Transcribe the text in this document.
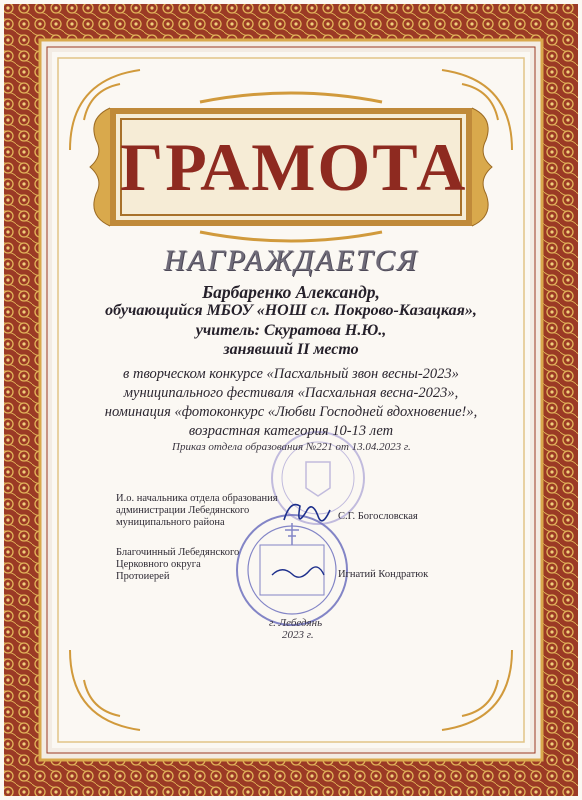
ГРАМОТА
НАГРАЖДАЕТСЯ
Барбаренко Александр,
обучающийся МБОУ «НОШ сл. Покрово-Казацкая»,
учитель: Скуратова Н.Ю.,
занявший II место
в творческом конкурсе «Пасхальный звон весны-2023»
муниципального фестиваля «Пасхальная весна-2023»,
номинация «фотоконкурс «Любви Господней вдохновение!»,
возрастная категория 10-13 лет
Приказ отдела образования №221 от 13.04.2023 г.
И.о. начальника отдела образования
администрации Лебедянского
муниципального района
С.Г. Богословская
Благочинный Лебедянского
Церковного округа
Протоиерей	Игнатий Кондратюк
г. Лебедянь
2023 г.
